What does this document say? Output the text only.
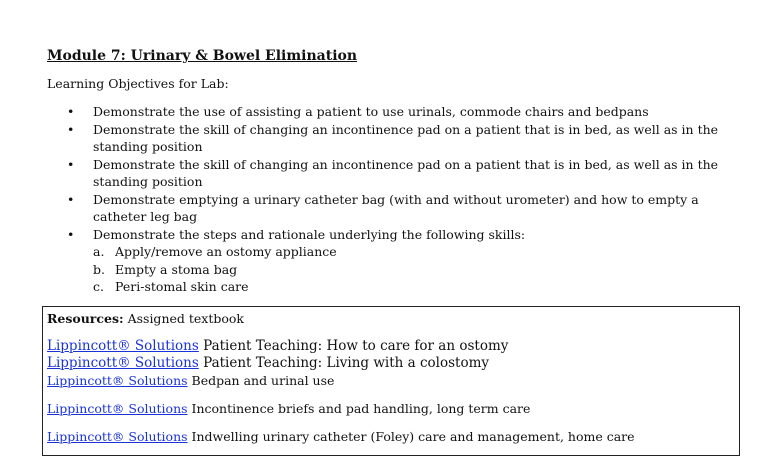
Module 7: Urinary & Bowel Elimination

Learning Objectives for Lab:

• Demonstrate the use of assisting a patient to use urinals, commode chairs and bedpans
• Demonstrate the skill of changing an incontinence pad on a patient that is in bed, as well as in the standing position
• Demonstrate the skill of changing an incontinence pad on a patient that is in bed, as well as in the standing position
• Demonstrate emptying a urinary catheter bag (with and without urometer) and how to empty a catheter leg bag
• Demonstrate the steps and rationale underlying the following skills:
a. Apply/remove an ostomy appliance
b. Empty a stoma bag
c. Peri-stomal skin care
Resources: Assigned textbook
Lippincott® Solutions Patient Teaching: How to care for an ostomy
Lippincott® Solutions Patient Teaching: Living with a colostomy
Lippincott® Solutions Bedpan and urinal use
Lippincott® Solutions Incontinence briefs and pad handling, long term care
Lippincott® Solutions Indwelling urinary catheter (Foley) care and management, home care
